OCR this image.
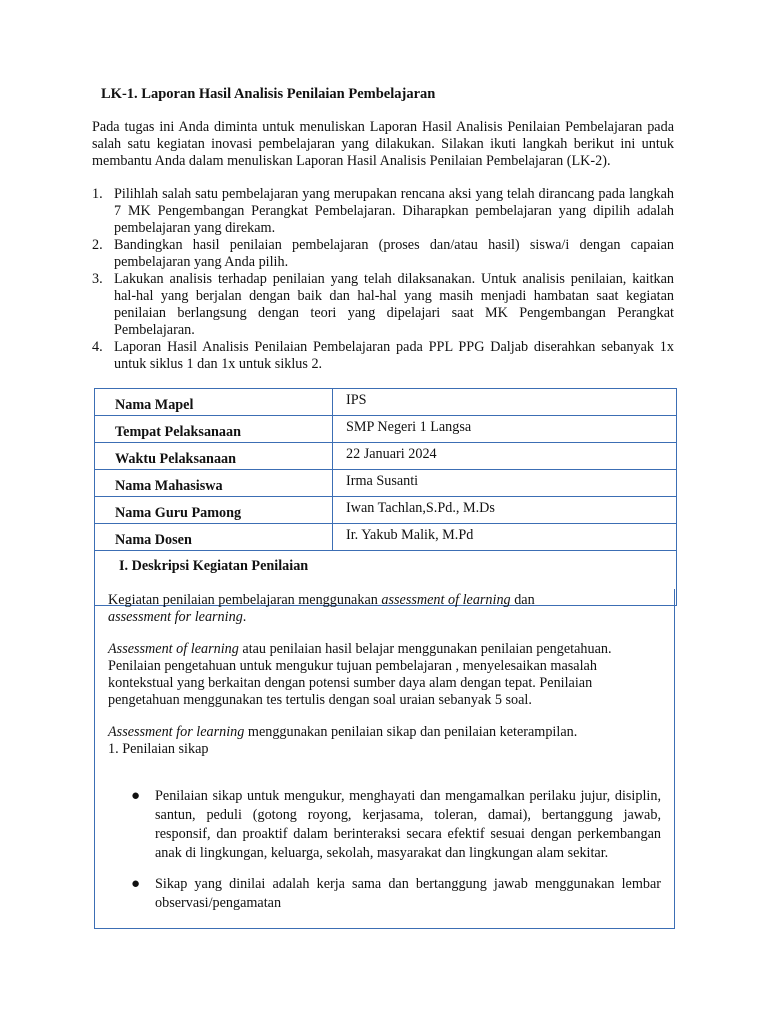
LK-1. Laporan Hasil Analisis Penilaian Pembelajaran
Pada tugas ini Anda diminta untuk menuliskan Laporan Hasil Analisis Penilaian Pembelajaran pada salah satu kegiatan inovasi pembelajaran yang dilakukan. Silakan ikuti langkah berikut ini untuk membantu Anda dalam menuliskan Laporan Hasil Analisis Penilaian Pembelajaran (LK-2).
1. Pilihlah salah satu pembelajaran yang merupakan rencana aksi yang telah dirancang pada langkah 7 MK Pengembangan Perangkat Pembelajaran. Diharapkan pembelajaran yang dipilih adalah pembelajaran yang direkam.
2. Bandingkan hasil penilaian pembelajaran (proses dan/atau hasil) siswa/i dengan capaian pembelajaran yang Anda pilih.
3. Lakukan analisis terhadap penilaian yang telah dilaksanakan. Untuk analisis penilaian, kaitkan hal-hal yang berjalan dengan baik dan hal-hal yang masih menjadi hambatan saat kegiatan penilaian berlangsung dengan teori yang dipelajari saat MK Pengembangan Perangkat Pembelajaran.
4. Laporan Hasil Analisis Penilaian Pembelajaran pada PPL PPG Daljab diserahkan sebanyak 1x untuk siklus 1 dan 1x untuk siklus 2.
Nama Mapel	IPS
Tempat Pelaksanaan	SMP Negeri 1 Langsa
Waktu Pelaksanaan	22 Januari 2024
Nama Mahasiswa	Irma Susanti
Nama Guru Pamong	Iwan Tachlan,S.Pd., M.Ds
Nama Dosen	Ir. Yakub Malik, M.Pd
I. Deskripsi Kegiatan Penilaian	

Kegiatan penilaian pembelajaran menggunakan assessment of learning dan
assessment for learning.

Assessment of learning atau penilaian hasil belajar menggunakan penilaian pengetahuan. Penilaian pengetahuan untuk mengukur tujuan pembelajaran , menyelesaikan masalah kontekstual yang berkaitan dengan potensi sumber daya alam dengan tepat. Penilaian pengetahuan menggunakan tes tertulis dengan soal uraian sebanyak 5 soal.

Assessment for learning menggunakan penilaian sikap dan penilaian keterampilan.

1. Penilaian sikap

● Penilaian sikap untuk mengukur, menghayati dan mengamalkan perilaku jujur, disiplin, santun, peduli (gotong royong, kerjasama, toleran, damai), bertanggung jawab, responsif, dan proaktif dalam berinteraksi secara efektif sesuai dengan perkembangan anak di lingkungan, keluarga, sekolah, masyarakat dan lingkungan alam sekitar.
● Sikap yang dinilai adalah kerja sama dan bertanggung jawab menggunakan lembar observasi/pengamatan
